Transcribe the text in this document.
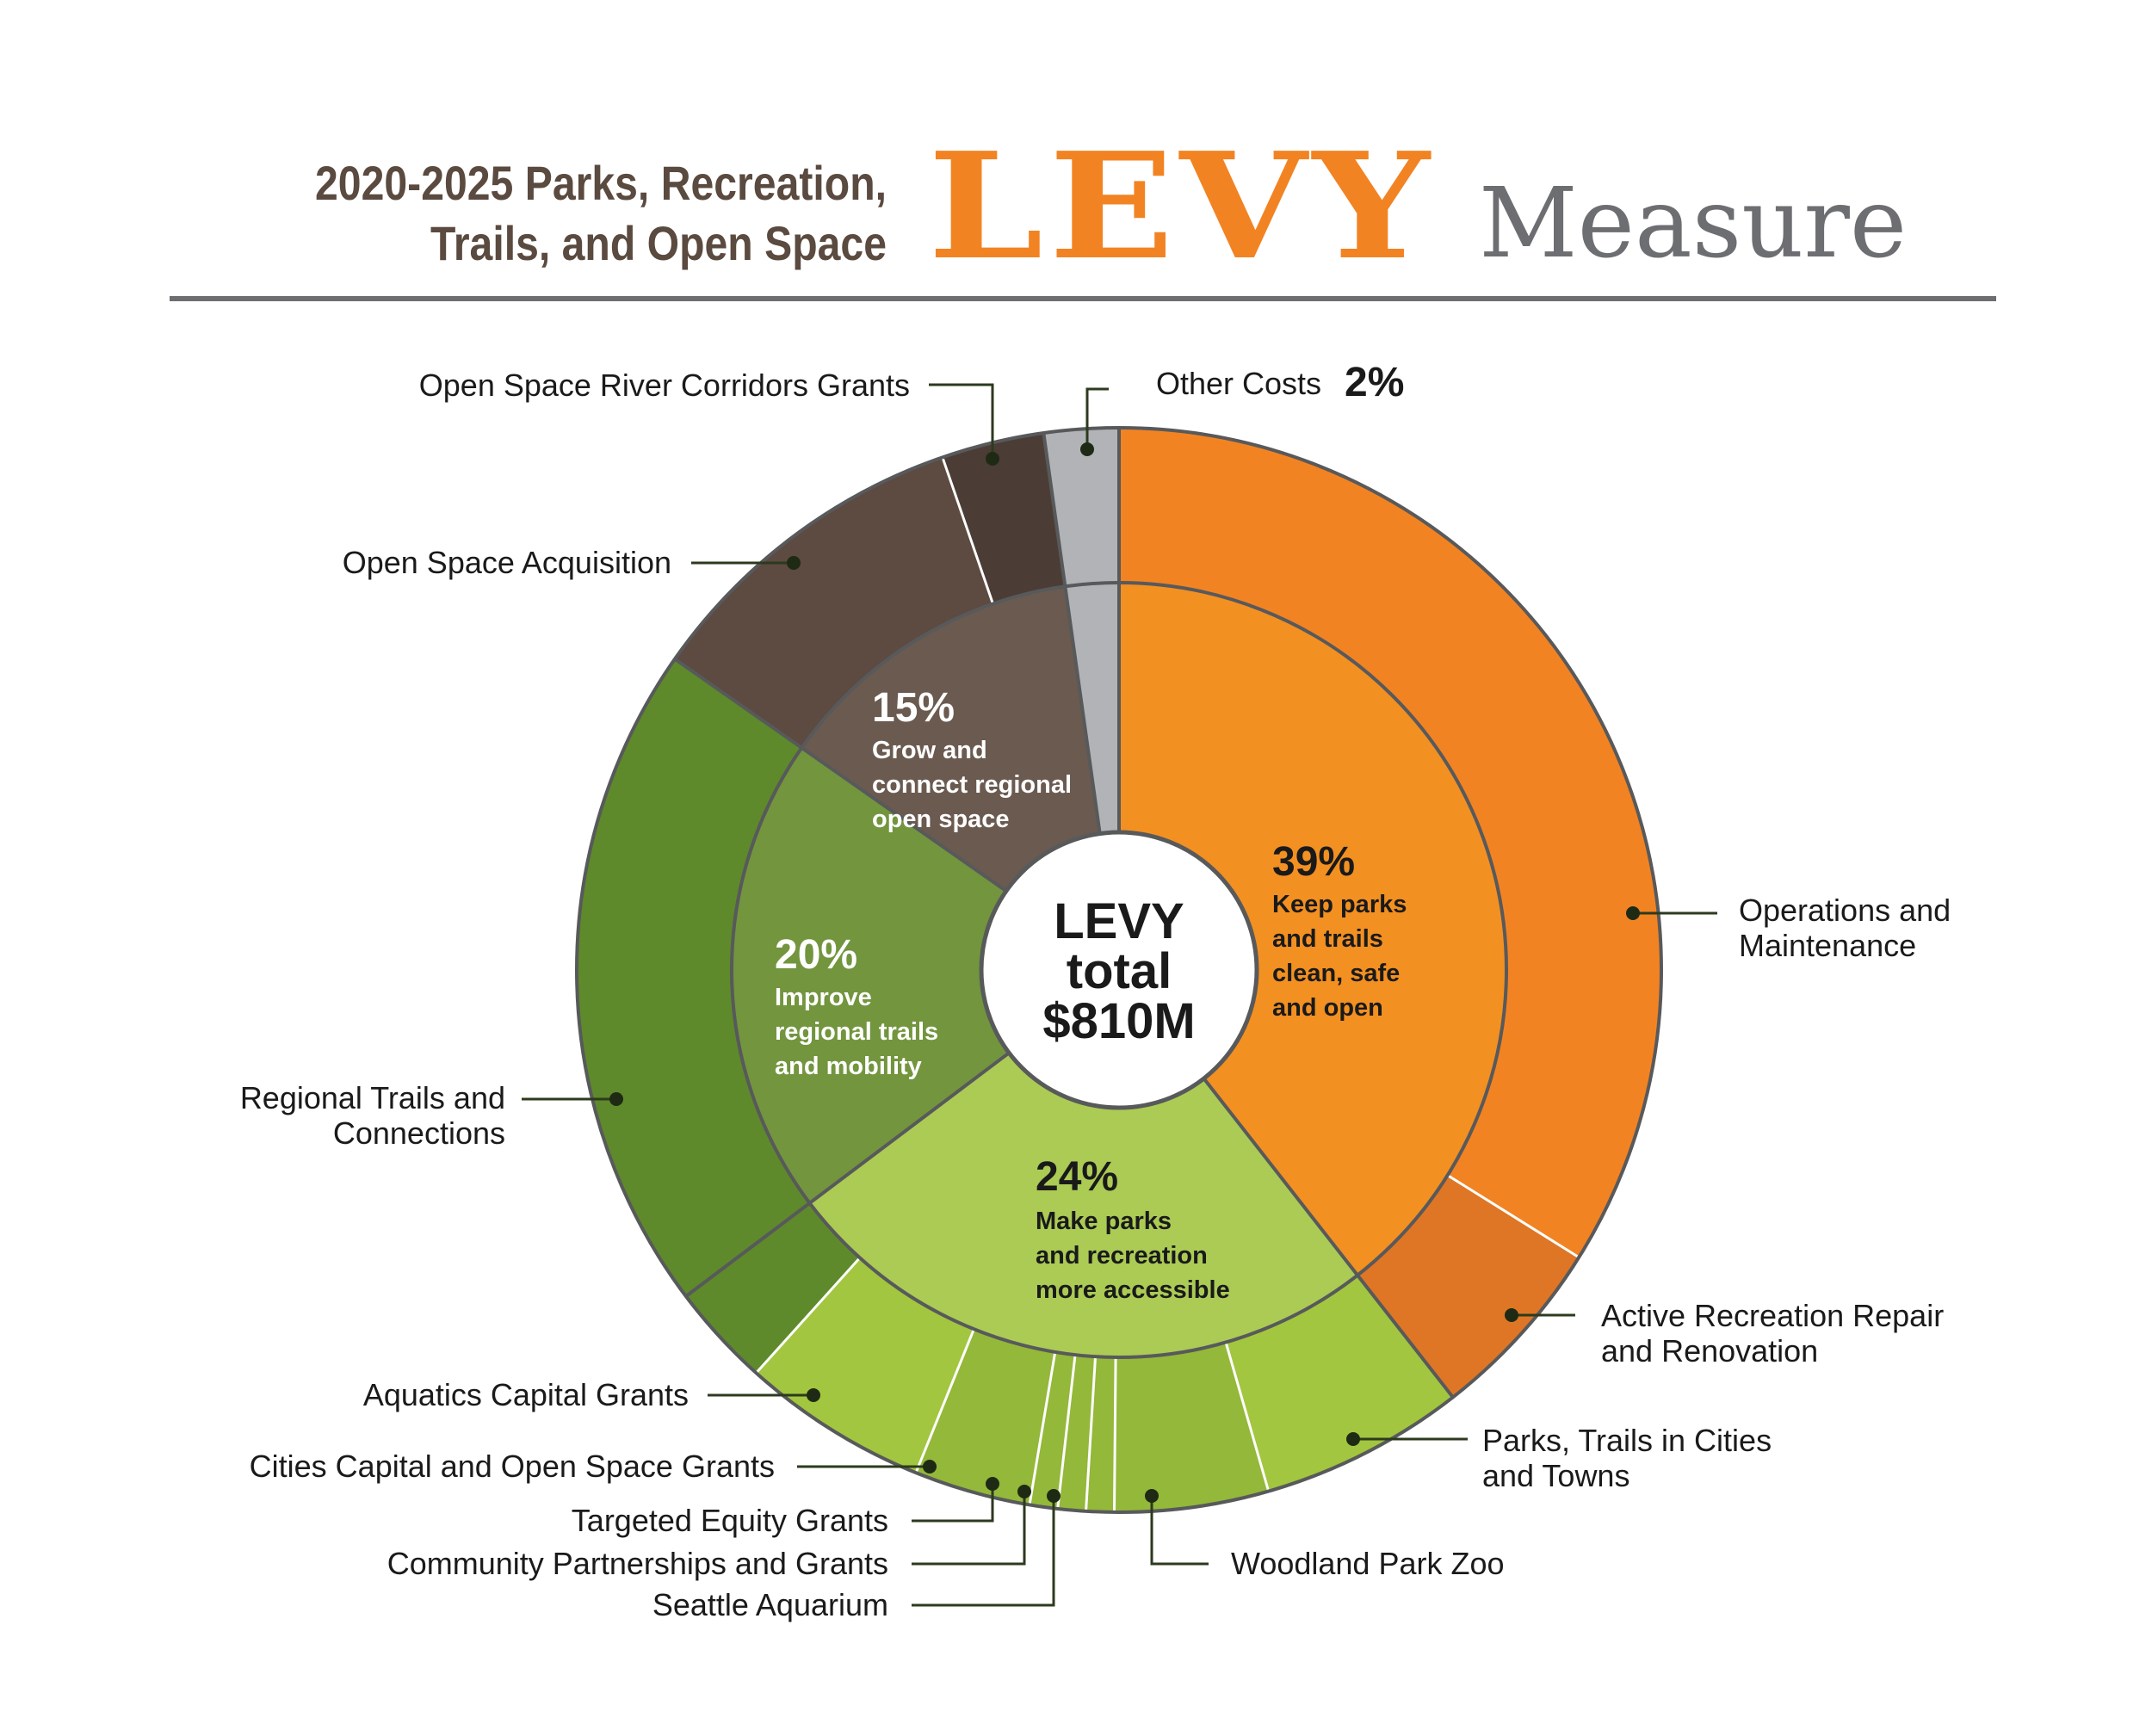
2020-2025 Parks, Recreation,
Trails, and Open Space LEVY Measure
LEVY
total
$810M
39%
Keep parks
and trails
clean, safe
and open
24%
Make parks
and recreation
more accessible
20%
Improve
regional trails
and mobility
15%
Grow and
connect regional
open space
Other Costs 2%
Open Space River Corridors Grants
Open Space Acquisition
Operations and
Maintenance
Active Recreation Repair
and Renovation
Parks, Trails in Cities
and Towns
Woodland Park Zoo
Seattle Aquarium
Community Partnerships and Grants
Targeted Equity Grants
Cities Capital and Open Space Grants
Aquatics Capital Grants
Regional Trails and
Connections
